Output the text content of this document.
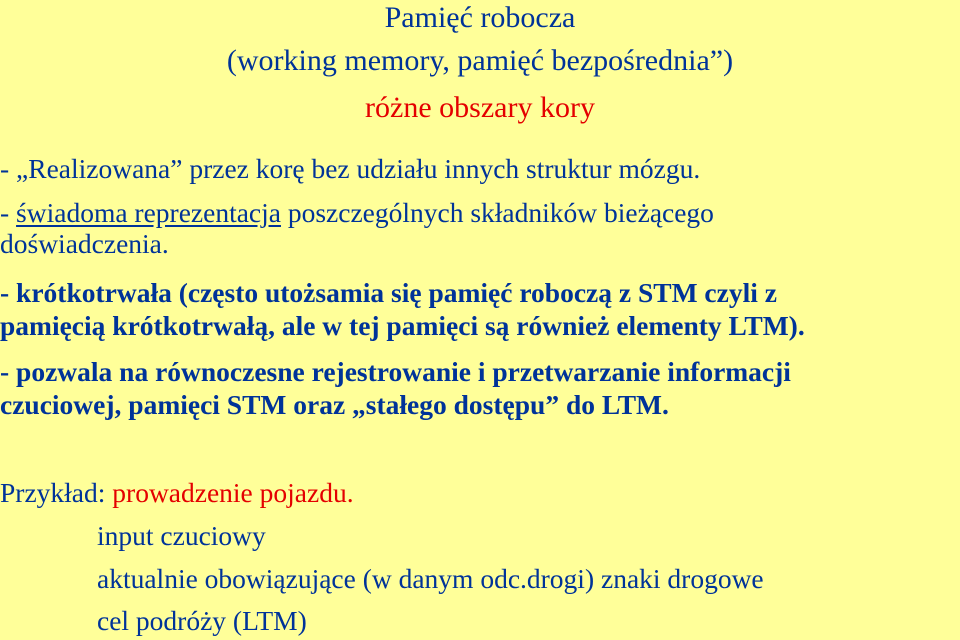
Pamięć robocza
(working memory, pamięć bezpośrednia”)
różne obszary kory
- „Realizowana” przez korę bez udziału innych struktur mózgu.
- świadoma reprezentacja poszczególnych składników bieżącego
doświadczenia.
- krótkotrwała (często utożsamia się pamięć roboczą z STM czyli z
pamięcią krótkotrwałą, ale w tej pamięci są również elementy LTM).
- pozwala na równoczesne rejestrowanie i przetwarzanie informacji
czuciowej, pamięci STM oraz „stałego dostępu” do LTM.
Przykład: prowadzenie pojazdu.
input czuciowy
aktualnie obowiązujące (w danym odc.drogi) znaki drogowe
cel podróży (LTM)
